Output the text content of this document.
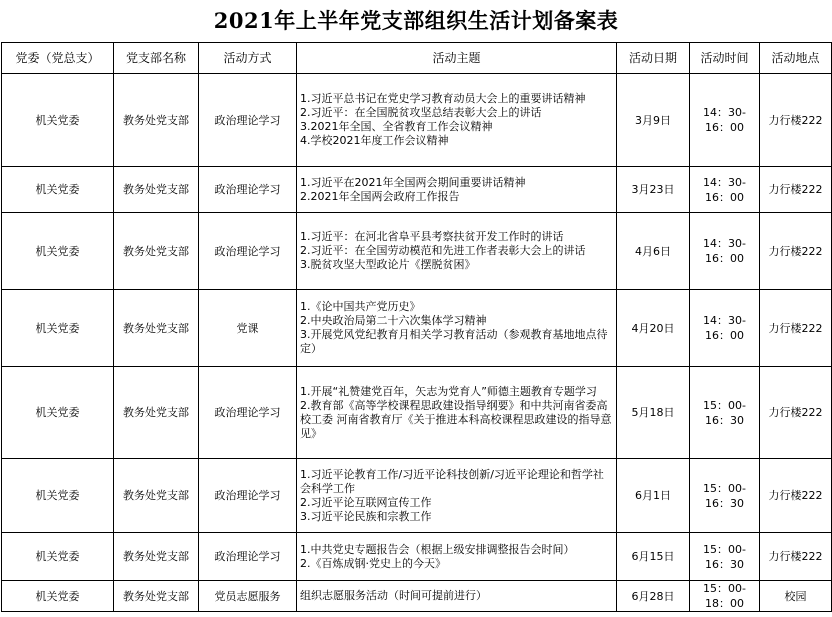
2021年上半年党支部组织生活计划备案表
党委（党总支）	党支部名称	活动方式	活动主题	活动日期	活动时间	活动地点
机关党委	教务处党支部	政治理论学习	1.习近平总书记在党史学习教育动员大会上的重要讲话精神
2.习近平：在全国脱贫攻坚总结表彰大会上的讲话
3.2021年全国、全省教育工作会议精神
4.学校2021年度工作会议精神	3月9日	14：30-16：00	力行楼222
机关党委	教务处党支部	政治理论学习	1.习近平在2021年全国两会期间重要讲话精神
2.2021年全国两会政府工作报告	3月23日	14：30-16：00	力行楼222
机关党委	教务处党支部	政治理论学习	1.习近平：在河北省阜平县考察扶贫开发工作时的讲话
2.习近平：在全国劳动模范和先进工作者表彰大会上的讲话
3.脱贫攻坚大型政论片《摆脱贫困》	4月6日	14：30-16：00	力行楼222
机关党委	教务处党支部	党课	1.《论中国共产党历史》
2.中央政治局第二十六次集体学习精神
3.开展党风党纪教育月相关学习教育活动（参观教育基地地点待定）	4月20日	14：30-16：00	力行楼222
机关党委	教务处党支部	政治理论学习	1.开展“礼赞建党百年，矢志为党育人”师德主题教育专题学习
2.教育部《高等学校课程思政建设指导纲要》和中共河南省委高校工委 河南省教育厅《关于推进本科高校课程思政建设的指导意见》	5月18日	15：00-16：30	力行楼222
机关党委	教务处党支部	政治理论学习	1.习近平论教育工作/习近平论科技创新/习近平论理论和哲学社会科学工作
2.习近平论互联网宣传工作
3.习近平论民族和宗教工作	6月1日	15：00-16：30	力行楼222
机关党委	教务处党支部	政治理论学习	1.中共党史专题报告会（根据上级安排调整报告会时间）
2.《百炼成钢·党史上的今天》	6月15日	15：00-16：30	力行楼222
机关党委	教务处党支部	党员志愿服务	组织志愿服务活动（时间可提前进行）	6月28日	15：00-18：00	校园
